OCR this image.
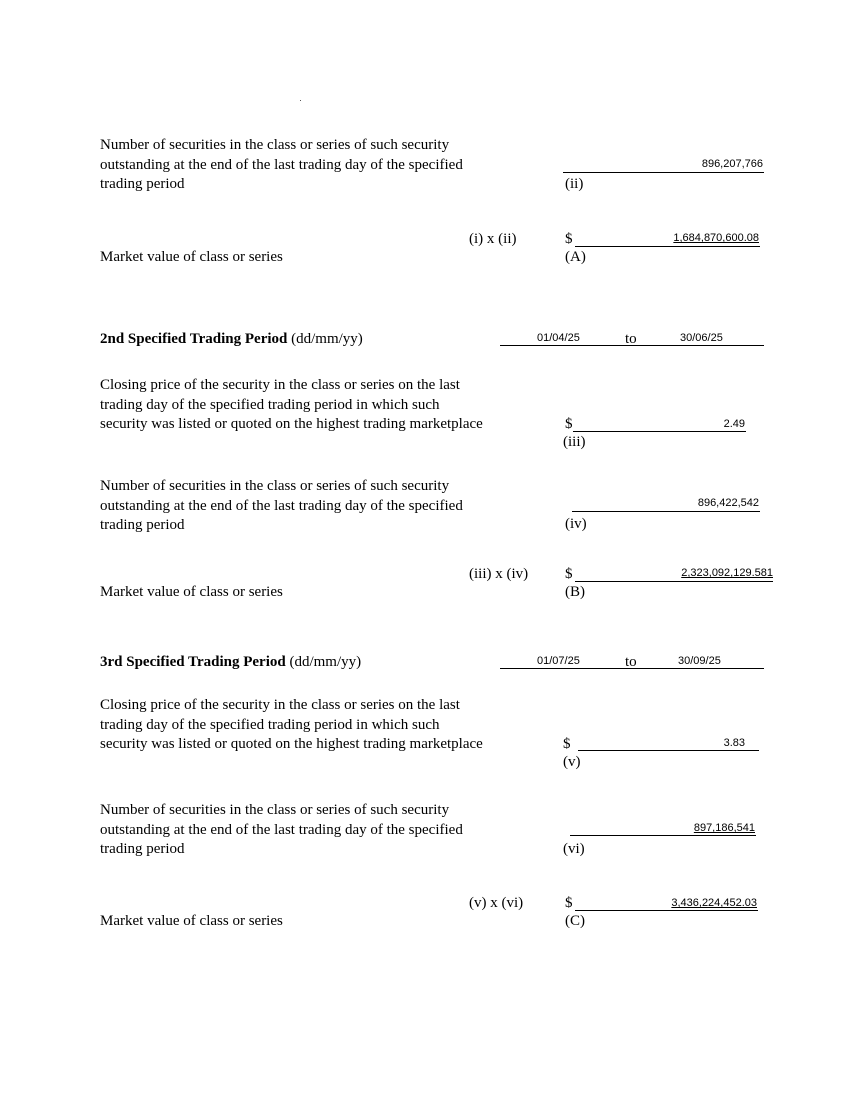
Number of securities in the class or series of such security outstanding at the end of the last trading day of the specified trading period
896,207,766
(ii)
(i) x (ii)	$	1,684,870,600.08
(A)
Market value of class or series
2nd Specified Trading Period (dd/mm/yy)	01/04/25	to	30/06/25
Closing price of the security in the class or series on the last trading day of the specified trading period in which such security was listed or quoted on the highest trading marketplace	$	2.49
(iii)
Number of securities in the class or series of such security outstanding at the end of the last trading day of the specified trading period
896,422,542
(iv)
(iii) x (iv) $	2,323,092,129.581
(B)
Market value of class or series
3rd Specified Trading Period (dd/mm/yy)	01/07/25	to	30/09/25
Closing price of the security in the class or series on the last trading day of the specified trading period in which such security was listed or quoted on the highest trading marketplace	$	3.83
(v)
Number of securities in the class or series of such security outstanding at the end of the last trading day of the specified trading period
897,186,541
(vi)
(v) x (vi)	$	3,436,224,452.03
(C)
Market value of class or series
